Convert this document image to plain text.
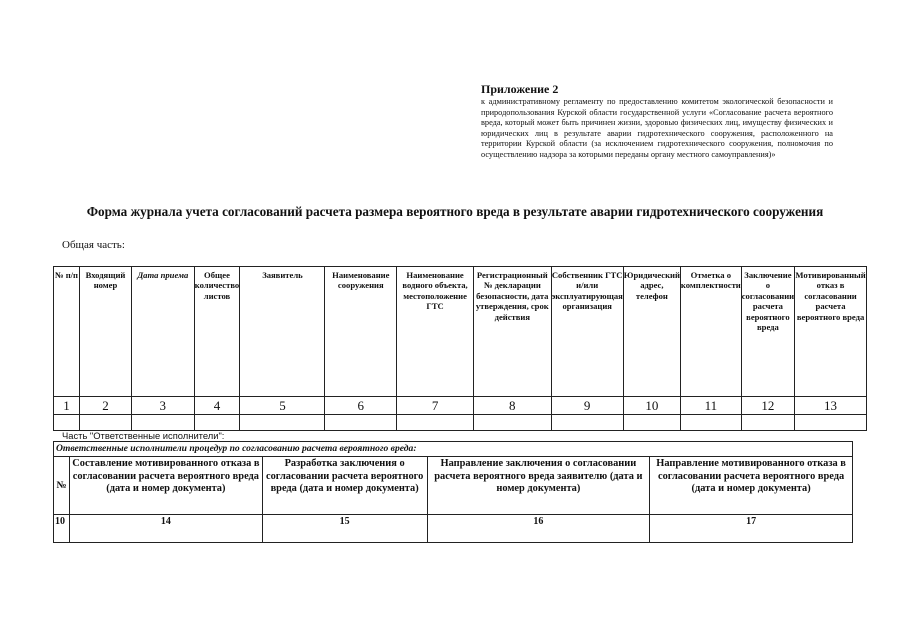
Приложение 2
к административному регламенту по предоставлению комитетом экологической безопасности и природопользования Курской области государственной услуги «Согласование расчета вероятного вреда, который может быть причинен жизни, здоровью физических лиц, имуществу физических и юридических лиц в результате аварии гидротехнического сооружения, расположенного на территории Курской области (за исключением гидротехнического сооружения, полномочия по осуществлению надзора за которыми переданы органу местного самоуправления)»
Форма журнала учета согласований расчета размера вероятного вреда в результате аварии гидротехнического сооружения
Общая часть:
№ п/п	Входящий номер	Дата приема	Общее количество листов	Заявитель	Наименование сооружения	Наименование водного объекта, местоположение ГТС	Регистрационный № декларации безопасности, дата утверждения, срок действия	Собственник ГТС и/или эксплуатирующая организация	Юридический адрес, телефон	Отметка о комплектности	Заключение о согласовании расчета вероятного вреда	Мотивированный отказ в согласовании расчета вероятного вреда
1	2	3	4	5	6	7	8	9	10	11	12	13

Часть "Ответственные исполнители":
Ответственные исполнители процедур по согласованию расчета вероятного вреда:				
№	Составление мотивированного отказа в согласовании расчета вероятного вреда (дата и номер документа)	Разработка заключения о согласовании расчета вероятного вреда (дата и номер документа)	Направление заключения о согласовании расчета вероятного вреда заявителю (дата и номер документа)	Направление мотивированного отказа в согласовании расчета вероятного вреда (дата и номер документа)
10	14	15	16	17
